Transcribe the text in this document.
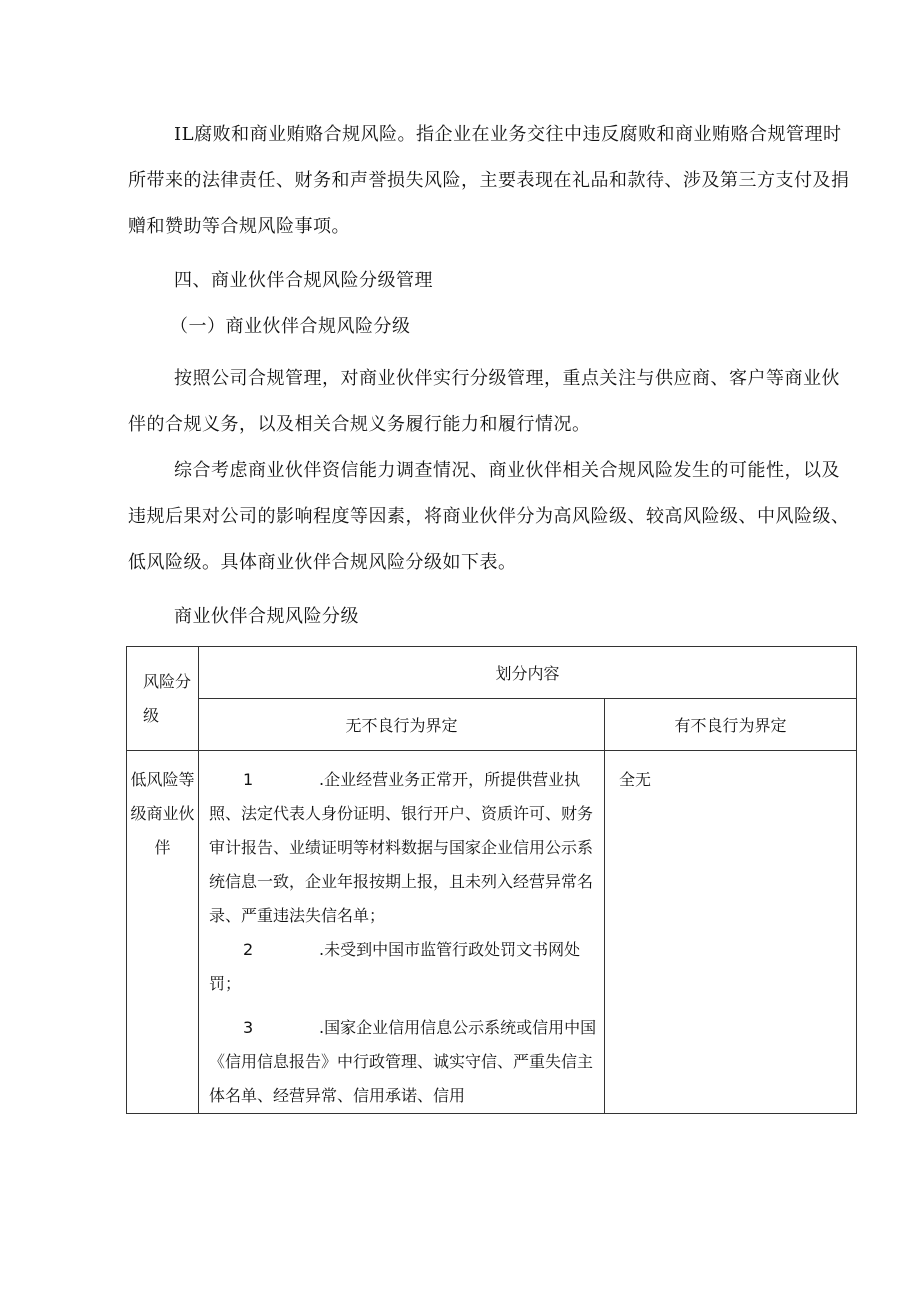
IL腐败和商业贿赂合规风险。指企业在业务交往中违反腐败和商业贿赂合规管理时所带来的法律责任、财务和声誉损失风险，主要表现在礼品和款待、涉及第三方支付及捐赠和赞助等合规风险事项。

四、商业伙伴合规风险分级管理

（一）商业伙伴合规风险分级

按照公司合规管理，对商业伙伴实行分级管理，重点关注与供应商、客户等商业伙伴的合规义务，以及相关合规义务履行能力和履行情况。

综合考虑商业伙伴资信能力调查情况、商业伙伴相关合规风险发生的可能性，以及违规后果对公司的影响程度等因素，将商业伙伴分为高风险级、较高风险级、中风险级、低风险级。具体商业伙伴合规风险分级如下表。

商业伙伴合规风险分级

风险分级	划分内容	
	无不良行为界定	有不良行为界定
低风险等级商业伙伴	1 .企业经营业务正常开，所提供营业执照、法定代表人身份证明、银行开户、资质许可、财务审计报告、业绩证明等材料数据与国家企业信用公示系统信息一致，企业年报按期上报，且未列入经营异常名录、严重违法失信名单；

2 .未受到中国市监管行政处罚文书网处罚；

3 .国家企业信用信息公示系统或信用中国《信用信息报告》中行政管理、诚实守信、严重失信主体名单、经营异常、信用承诺、信用	全无
